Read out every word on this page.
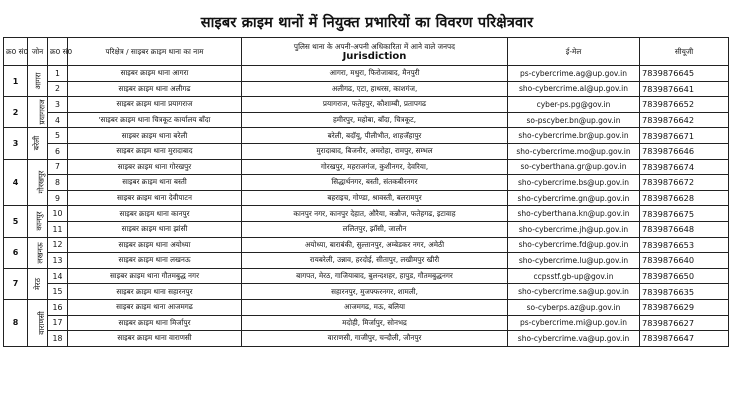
साइबर क्राइम थानों में नियुक्त प्रभारियों का विवरण परिक्षेत्रवार
क्र0 सं0	जोन	क्र0 सं0	परिक्षेत्र / साइबर क्राइम थाना का नाम	पुलिस थाना के अपनी-अपनी अधिकारिता में आने वाले जनपद
Jurisdiction	ई-मेल	सीयूजी
1	आगरा	1	साइबर क्राइम थाना आगरा	आगरा, मथुरा, फिरोजाबाद, मैनपुरी	ps-cybercrime.ag@up.gov.in	7839876645
		2	साइबर क्राइम थाना अलीगढ	अलीगढ, एटा, हाथरस, काशगंज,	sho-cybercrime.al@up.gov.in	7839876641
2	प्रयागराज	3	साइबर क्राइम थाना प्रयागराज	प्रयागराज, फतेहपुर, कौशाम्बी, प्रतापगढ	cyber-ps.pg@gov.in	7839876652
		4	'साइबर क्राइम थाना चित्रकूट कार्यालय बाँदा	हमीरपुर, महोबा, बाँदा, चित्रकूट,	so-pscyber.bn@up.gov.in	7839876642
3	बरेली	5	साइबर क्राइम थाना बरेली	बरेली, बदॉयू, पीलीभीत, शाहजॅहापुर	sho-cybercrime.br@up.gov.in	7839876671
		6	साइबर क्राइम थाना मुरादाबाद	मुरादाबाद, बिजनौर, अमरोहा, रामपुर, सम्भल	sho-cybercrime.mo@up.gov.in	7839876646
4	गोरखपुर	7	साइबर क्राइम थाना गोरखपुर	गोरखपुर, महराजगंज, कुशीनगर, देवरिया,	so-cyberthana.gr@up.gov.in	7839876674
		8	साइबर क्राइम थाना बस्ती	सिद्धार्थनगर, बस्ती, संतकबीरनगर	sho-cybercrime.bs@up.gov.in	7839876672
		9	साइबर क्राइम थाना देवीपाटन	बहराइच, गोण्डा, श्रावस्ती, बलरामपुर	sho-cybercrime.gn@up.gov.in	7839876628
5	कानपुर	10	साइबर क्राइम थाना कानपुर	कानपुर नगर, कानपुर देहात, औरैया, कन्नौज, फतेहगढ, इटावाह	sho-cyberthana.kn@up.gov.in	7839876675
		11	साइबर क्राइम थाना झांसी	ललितपुर, झॉसी, जालौन	sho-cybercrime.jh@up.gov.in	7839876648
6	लखनऊ	12	साइबर क्राइम थाना अयोध्या	अयोध्या, बाराबंकी, सुल्तानपुर, अम्बेडकर नगर, अमेठी	sho-cybercrime.fd@up.gov.in	7839876653
		13	साइबर क्राइम थाना लखनऊ	रायबरेली, उन्नाव, हरदोई, सीतापुर, लखीमपुर खीरी	sho-cybercrime.lu@up.gov.in	7839876640
7	मेरठ	14	साइबर क्राइम थाना गौतमबुद्ध नगर	बागपत, मेरठ, गाजियाबाद, बुलन्दशहर, हापुड, गौतमबुद्धनगर	ccpsstf.gb-up@gov.in	7839876650
		15	साइबर क्राइम थाना सहारनपुर	सहारनपुर, मुजफ्फरनगर, शामली,	sho-cybercrime.sa@up.gov.in	7839876635
8	वाराणसी	16	साइबर क्राइम थाना आजमगढ	आजमगढ, मऊ, बलिया	so-cyberps.az@up.gov.in	7839876629
		17	साइबर क्राइम थाना मिर्जापुर	मदोही, मिर्जापुर, सोनभद्र	ps-cybercrime.mi@up.gov.in	7839876627
		18	साइबर क्राइम थाना वाराणसी	वाराणसी, गाजीपुर, चन्दौली, जौनपुर	sho-cybercrime.va@up.gov.in	7839876647
